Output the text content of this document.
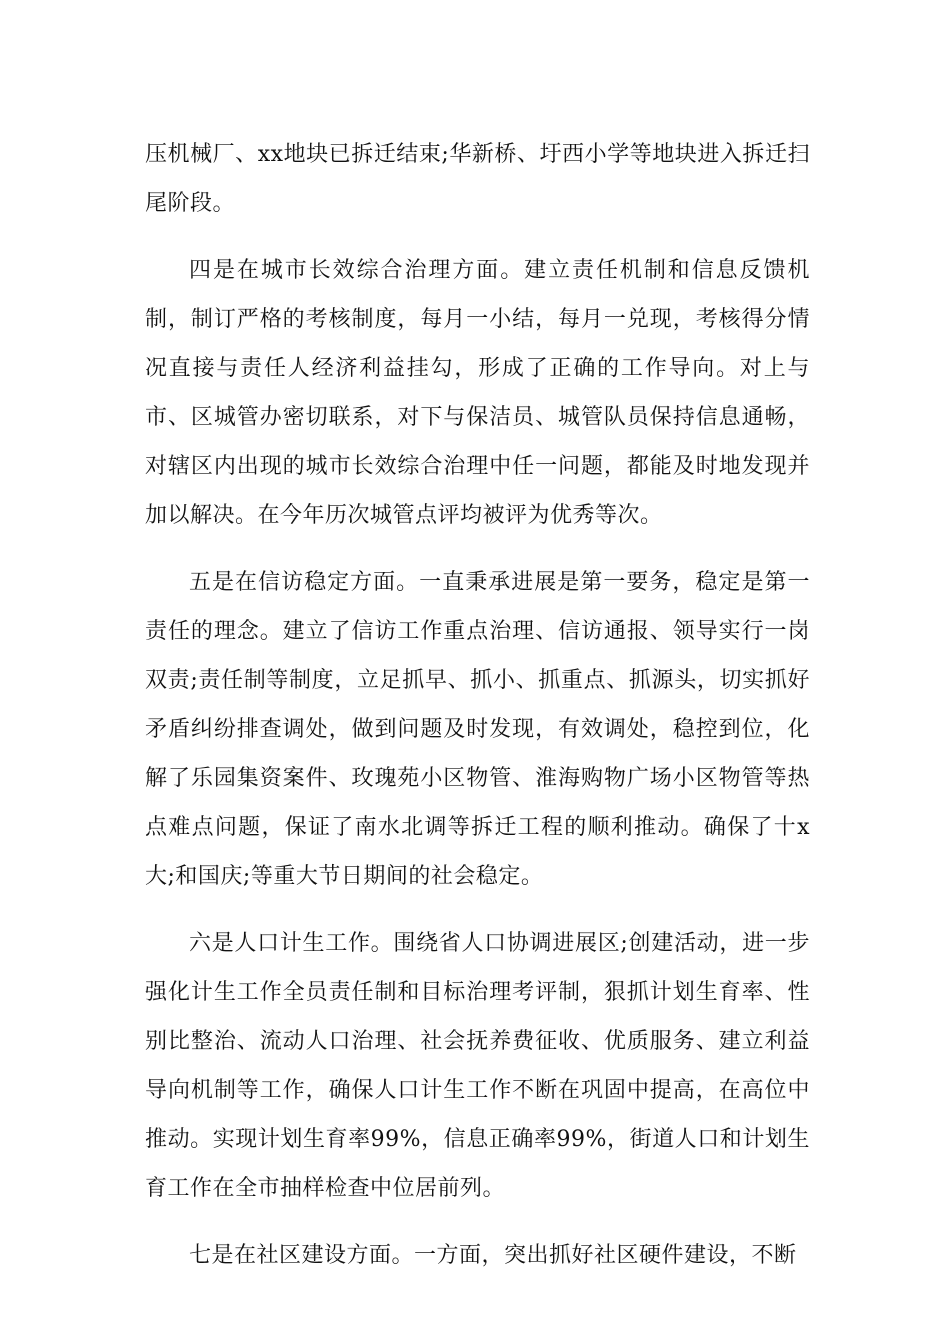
压机械厂、xx地块已拆迁结束;华新桥、圩西小学等地块进入拆迁扫尾阶段。

四是在城市长效综合治理方面。建立责任机制和信息反馈机制，制订严格的考核制度，每月一小结，每月一兑现，考核得分情况直接与责任人经济利益挂勾，形成了正确的工作导向。对上与市、区城管办密切联系，对下与保洁员、城管队员保持信息通畅，对辖区内出现的城市长效综合治理中任一问题，都能及时地发现并加以解决。在今年历次城管点评均被评为优秀等次。

五是在信访稳定方面。一直秉承进展是第一要务，稳定是第一责任的理念。建立了信访工作重点治理、信访通报、领导实行一岗双责;责任制等制度，立足抓早、抓小、抓重点、抓源头，切实抓好矛盾纠纷排查调处，做到问题及时发现，有效调处，稳控到位，化解了乐园集资案件、玫瑰苑小区物管、淮海购物广场小区物管等热点难点问题，保证了南水北调等拆迁工程的顺利推动。确保了十x大;和国庆;等重大节日期间的社会稳定。

六是人口计生工作。围绕省人口协调进展区;创建活动，进一步强化计生工作全员责任制和目标治理考评制，狠抓计划生育率、性别比整治、流动人口治理、社会抚养费征收、优质服务、建立利益导向机制等工作，确保人口计生工作不断在巩固中提高，在高位中推动。实现计划生育率99%，信息正确率99%，街道人口和计划生育工作在全市抽样检查中位居前列。

七是在社区建设方面。一方面，突出抓好社区硬件建设，不断
